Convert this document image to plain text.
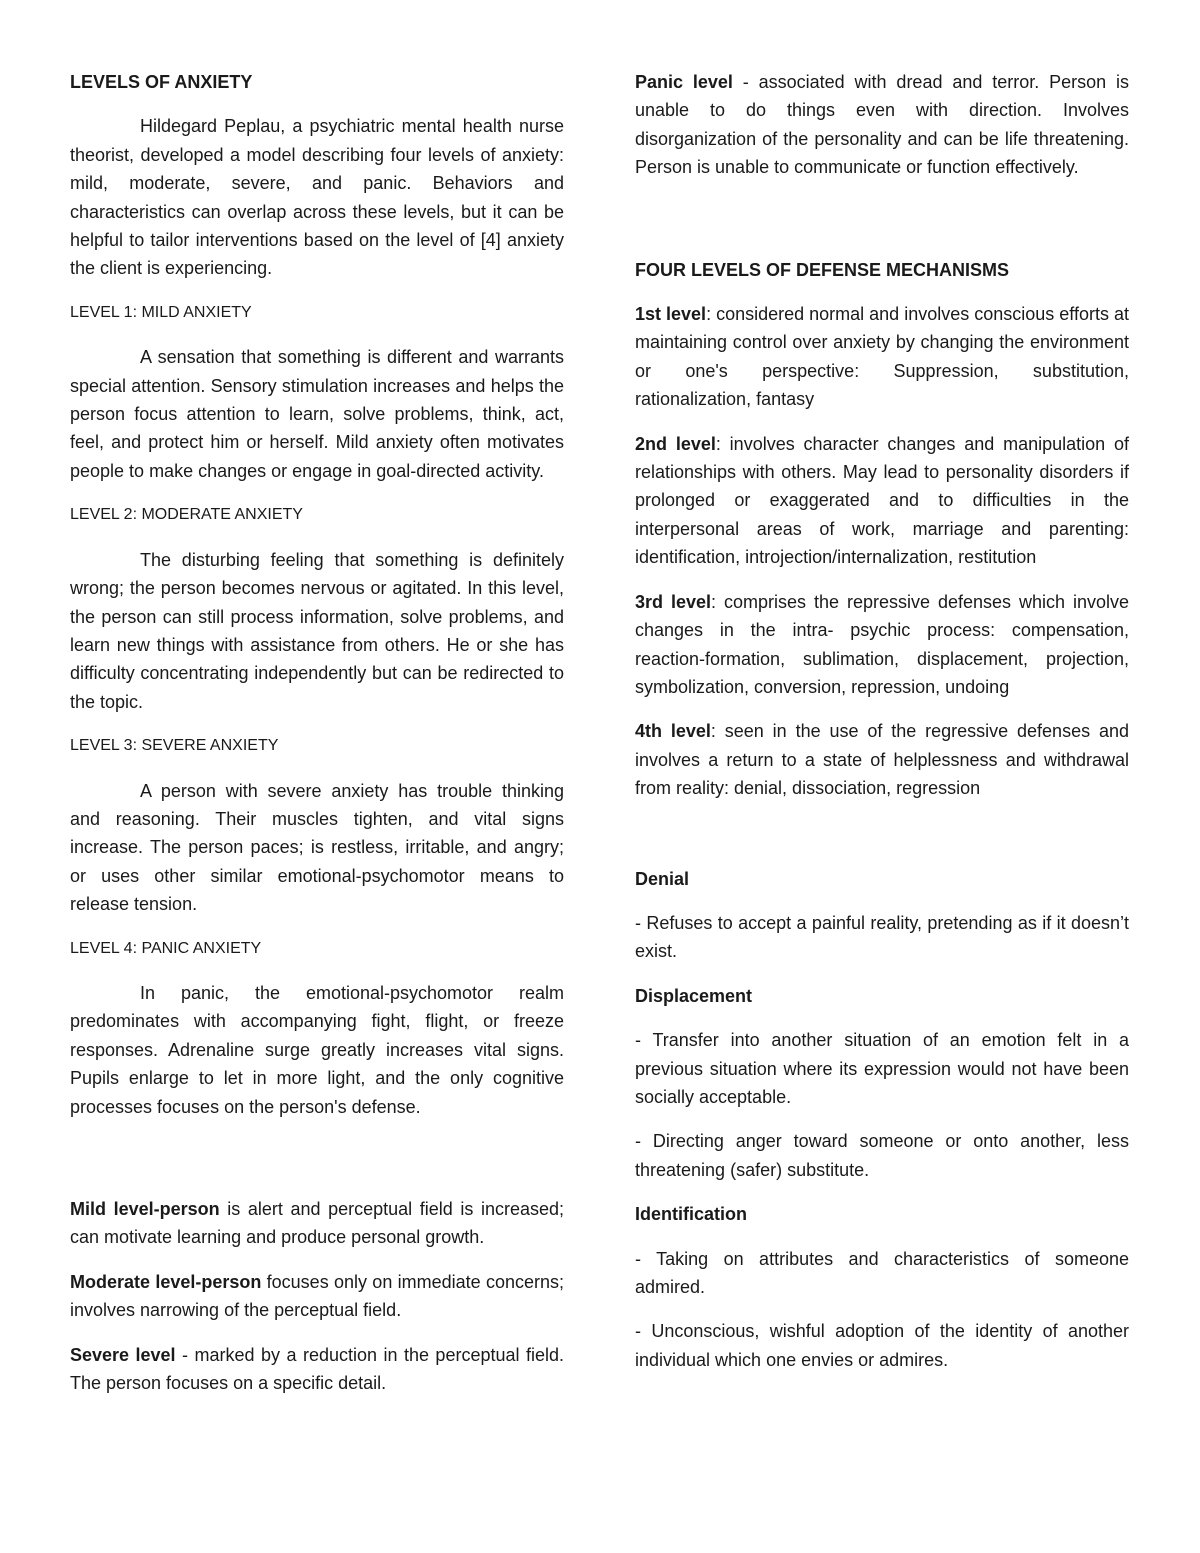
LEVELS OF ANXIETY

Hildegard Peplau, a psychiatric mental health nurse theorist, developed a model describing four levels of anxiety: mild, moderate, severe, and panic. Behaviors and characteristics can overlap across these levels, but it can be helpful to tailor interventions based on the level of [4] anxiety the client is experiencing.

LEVEL 1: MILD ANXIETY

A sensation that something is different and warrants special attention. Sensory stimulation increases and helps the person focus attention to learn, solve problems, think, act, feel, and protect him or herself. Mild anxiety often motivates people to make changes or engage in goal-directed activity.

LEVEL 2: MODERATE ANXIETY

The disturbing feeling that something is definitely wrong; the person becomes nervous or agitated. In this level, the person can still process information, solve problems, and learn new things with assistance from others. He or she has difficulty concentrating independently but can be redirected to the topic.

LEVEL 3: SEVERE ANXIETY

A person with severe anxiety has trouble thinking and reasoning. Their muscles tighten, and vital signs increase. The person paces; is restless, irritable, and angry; or uses other similar emotional-psychomotor means to release tension.

LEVEL 4: PANIC ANXIETY

In panic, the emotional-psychomotor realm predominates with accompanying fight, flight, or freeze responses. Adrenaline surge greatly increases vital signs. Pupils enlarge to let in more light, and the only cognitive processes focuses on the person's defense.

Mild level-person is alert and perceptual field is increased; can motivate learning and produce personal growth.

Moderate level-person focuses only on immediate concerns; involves narrowing of the perceptual field.

Severe level - marked by a reduction in the perceptual field. The person focuses on a specific detail.

Panic level - associated with dread and terror. Person is unable to do things even with direction. Involves disorganization of the personality and can be life threatening. Person is unable to communicate or function effectively.

FOUR LEVELS OF DEFENSE MECHANISMS

1st level: considered normal and involves conscious efforts at maintaining control over anxiety by changing the environment or one's perspective: Suppression, substitution, rationalization, fantasy

2nd level: involves character changes and manipulation of relationships with others. May lead to personality disorders if prolonged or exaggerated and to difficulties in the interpersonal areas of work, marriage and parenting: identification, introjection/internalization, restitution

3rd level: comprises the repressive defenses which involve changes in the intra- psychic process: compensation, reaction-formation, sublimation, displacement, projection, symbolization, conversion, repression, undoing

4th level: seen in the use of the regressive defenses and involves a return to a state of helplessness and withdrawal from reality: denial, dissociation, regression

Denial

- Refuses to accept a painful reality, pretending as if it doesn’t exist.

Displacement

- Transfer into another situation of an emotion felt in a previous situation where its expression would not have been socially acceptable.

- Directing anger toward someone or onto another, less threatening (safer) substitute.

Identification

- Taking on attributes and characteristics of someone admired.

- Unconscious, wishful adoption of the identity of another individual which one envies or admires.
